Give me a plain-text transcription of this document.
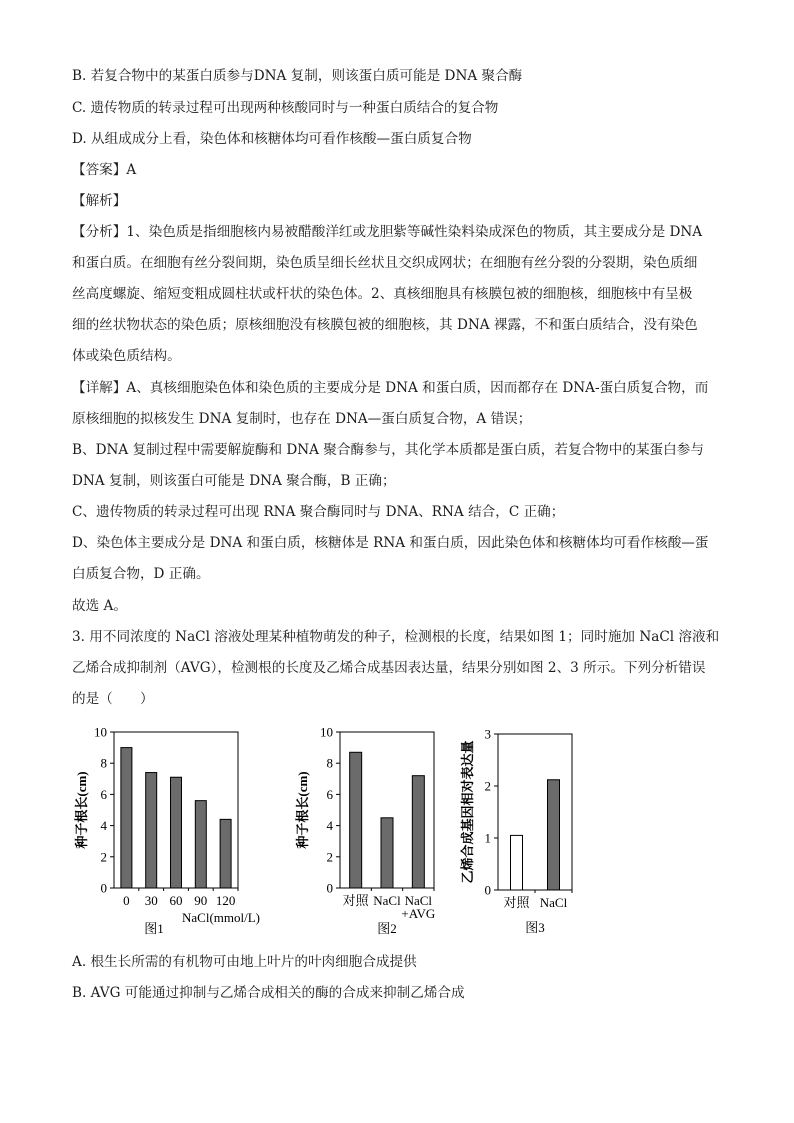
B. 若复合物中的某蛋白质参与DNA 复制，则该蛋白质可能是 DNA 聚合酶
C. 遗传物质的转录过程可出现两种核酸同时与一种蛋白质结合的复合物
D. 从组成成分上看，染色体和核糖体均可看作核酸—蛋白质复合物
【答案】A
【解析】
【分析】1、染色质是指细胞核内易被醋酸洋红或龙胆紫等碱性染料染成深色的物质，其主要成分是 DNA
和蛋白质。在细胞有丝分裂间期，染色质呈细长丝状且交织成网状；在细胞有丝分裂的分裂期，染色质细
丝高度螺旋、缩短变粗成圆柱状或杆状的染色体。2、真核细胞具有核膜包被的细胞核，细胞核中有呈极
细的丝状物状态的染色质；原核细胞没有核膜包被的细胞核，其 DNA 裸露，不和蛋白质结合，没有染色
体或染色质结构。
【详解】A、真核细胞染色体和染色质的主要成分是 DNA 和蛋白质，因而都存在 DNA-蛋白质复合物，而
原核细胞的拟核发生 DNA 复制时，也存在 DNA—蛋白质复合物，A 错误；
B、DNA 复制过程中需要解旋酶和 DNA 聚合酶参与，其化学本质都是蛋白质，若复合物中的某蛋白参与
DNA 复制，则该蛋白可能是 DNA 聚合酶，B 正确；
C、遗传物质的转录过程可出现 RNA 聚合酶同时与 DNA、RNA 结合，C 正确；
D、染色体主要成分是 DNA 和蛋白质，核糖体是 RNA 和蛋白质，因此染色体和核糖体均可看作核酸—蛋
白质复合物，D 正确。
故选 A。
3. 用不同浓度的 NaCl 溶液处理某种植物萌发的种子，检测根的长度，结果如图 1；同时施加 NaCl 溶液和
乙烯合成抑制剂（AVG），检测根的长度及乙烯合成基因表达量，结果分别如图 2、3 所示。下列分析错误
的是（　　）
0
2
4
6
8
10
种子根长(cm)
0 30 60 90 120
NaCl(mmol/L)
图1
0
2
4
6
8
10
种子根长(cm)
对照 NaCl NaCl
+AVG
图2
0
1
2
3
乙烯合成基因相对表达量
对照 NaCl
图3
A. 根生长所需的有机物可由地上叶片的叶肉细胞合成提供
B. AVG 可能通过抑制与乙烯合成相关的酶的合成来抑制乙烯合成
